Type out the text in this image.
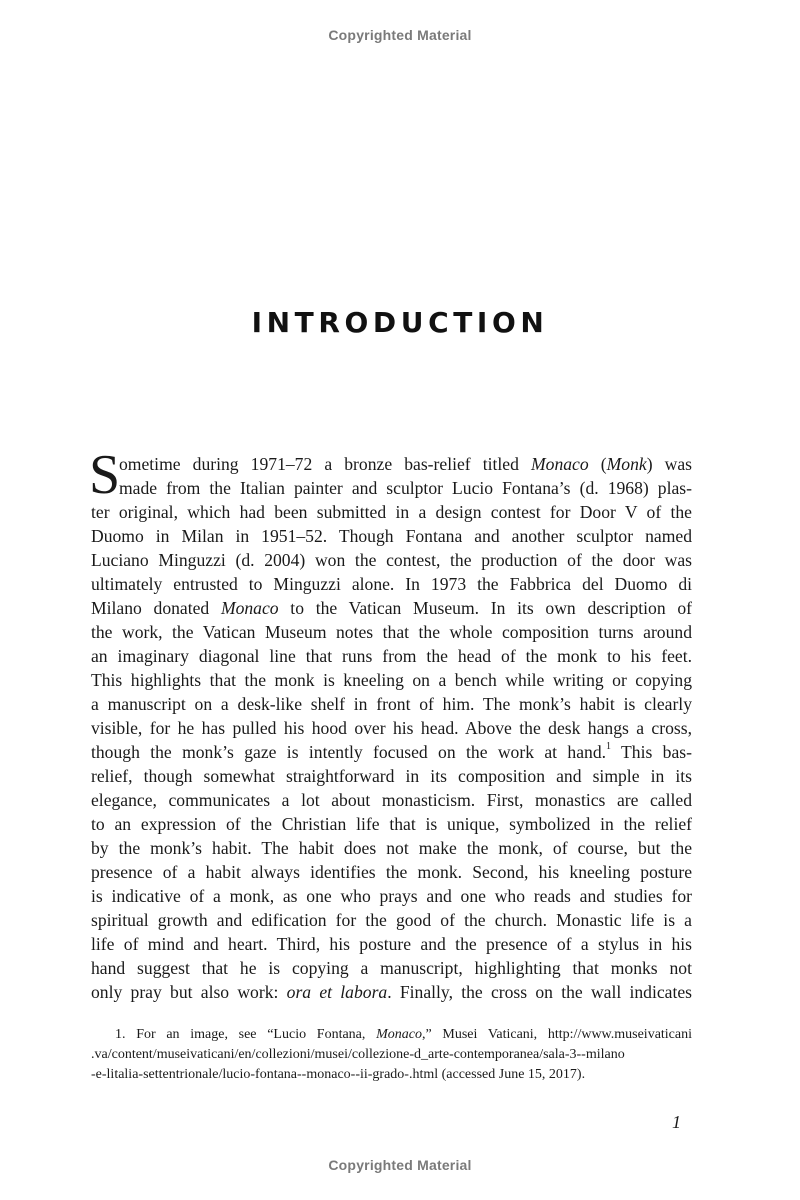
Copyrighted Material
INTRODUCTION
S
ometime during 1971–72 a bronze bas-relief titled Monaco (Monk) was
made from the Italian painter and sculptor Lucio Fontana’s (d. 1968) plas-
ter original, which had been submitted in a design contest for Door V of the
Duomo in Milan in 1951–52. Though Fontana and another sculptor named
Luciano Minguzzi (d. 2004) won the contest, the production of the door was
ultimately entrusted to Minguzzi alone. In 1973 the Fabbrica del Duomo di
Milano donated Monaco to the Vatican Museum. In its own description of
the work, the Vatican Museum notes that the whole composition turns around
an imaginary diagonal line that runs from the head of the monk to his feet.
This highlights that the monk is kneeling on a bench while writing or copying
a manuscript on a desk-like shelf in front of him. The monk’s habit is clearly
visible, for he has pulled his hood over his head. Above the desk hangs a cross,
though the monk’s gaze is intently focused on the work at hand.$^1$ This bas-
relief, though somewhat straightforward in its composition and simple in its
elegance, communicates a lot about monasticism. First, monastics are called
to an expression of the Christian life that is unique, symbolized in the relief
by the monk’s habit. The habit does not make the monk, of course, but the
presence of a habit always identifies the monk. Second, his kneeling posture
is indicative of a monk, as one who prays and one who reads and studies for
spiritual growth and edification for the good of the church. Monastic life is a
life of mind and heart. Third, his posture and the presence of a stylus in his
hand suggest that he is copying a manuscript, highlighting that monks not
only pray but also work: ora et labora. Finally, the cross on the wall indicates
1. For an image, see “Lucio Fontana, Monaco,” Musei Vaticani, http://www.museivaticani
.va/content/museivaticani/en/collezioni/musei/collezione-d_arte-contemporanea/sala-3--milano
-e-litalia-settentrionale/lucio-fontana--monaco--ii-grado-.html (accessed June 15, 2017).
1
Copyrighted Material
